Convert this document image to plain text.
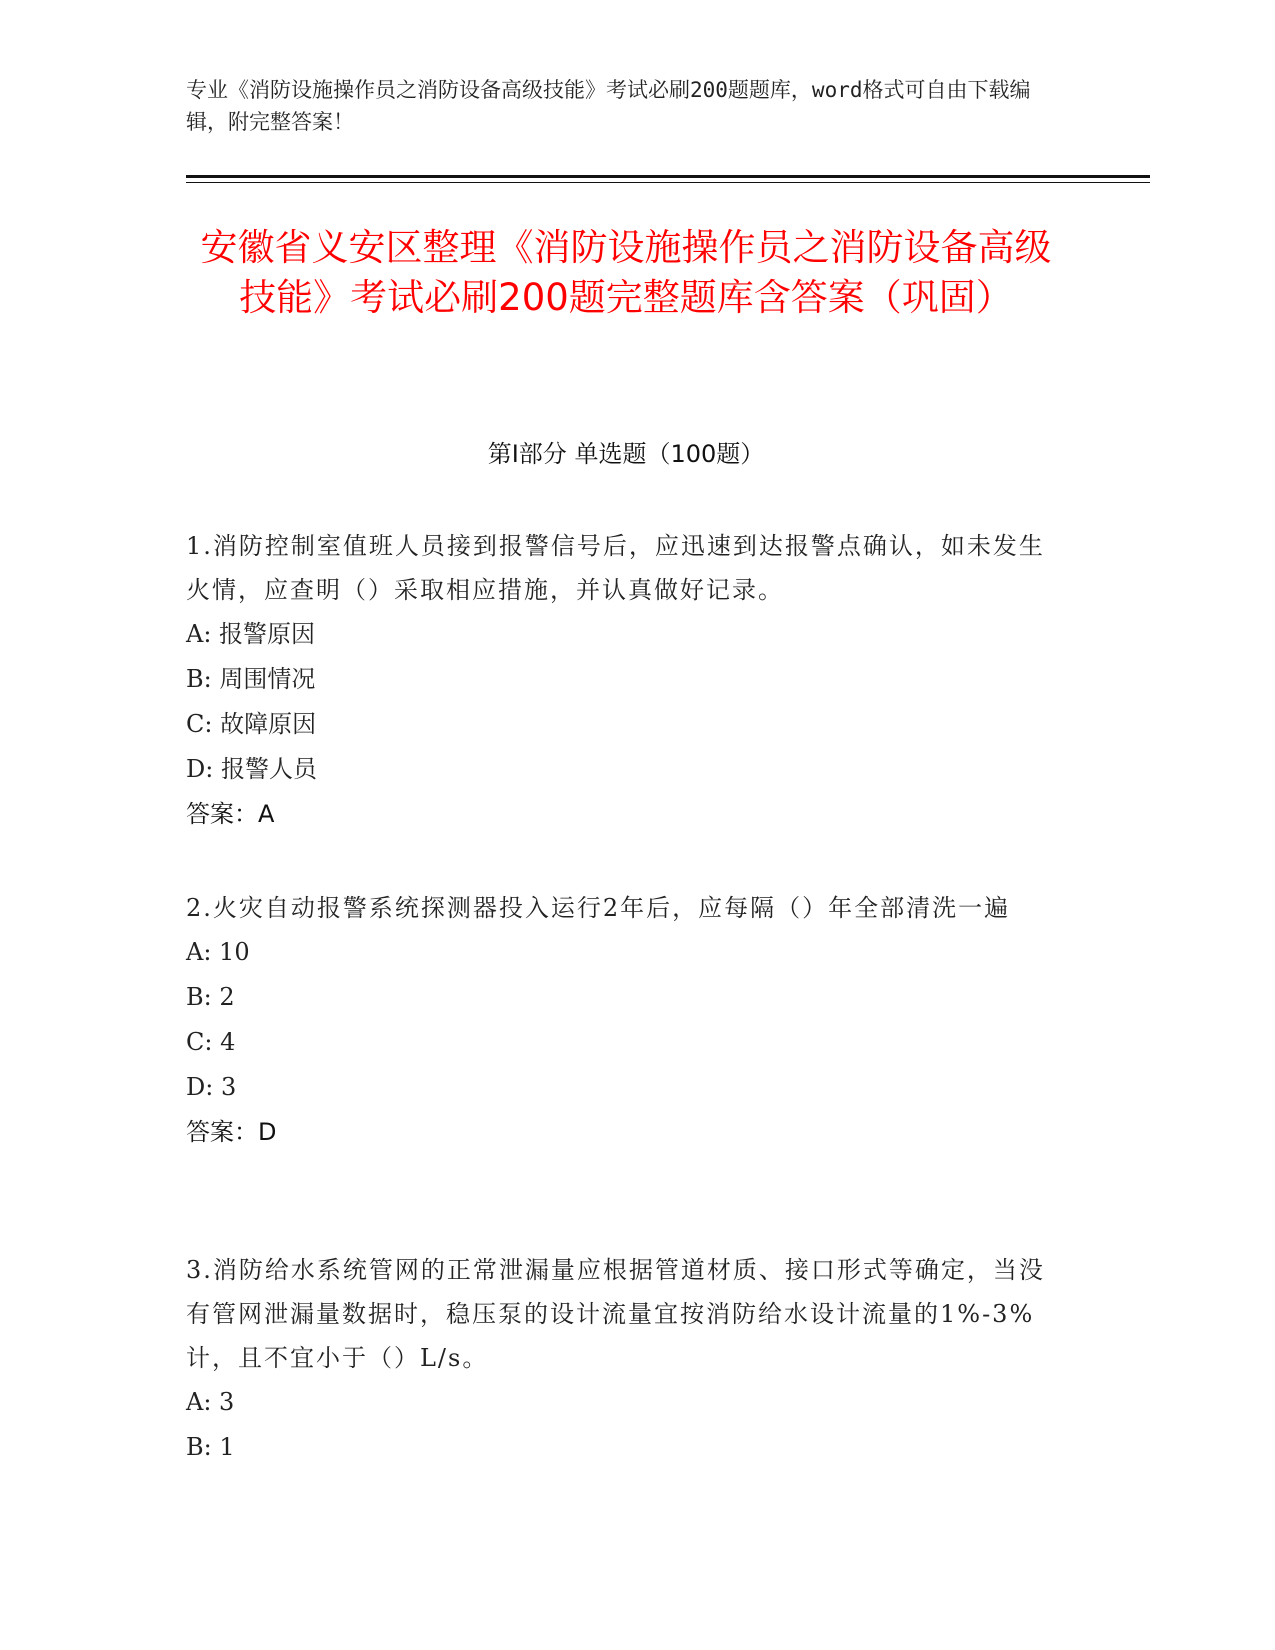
专业《消防设施操作员之消防设备高级技能》考试必刷200题题库，word格式可自由下载编辑，附完整答案！
安徽省义安区整理《消防设施操作员之消防设备高级技能》考试必刷200题完整题库含答案（巩固）
第Ⅰ部分 单选题（100题）
1.消防控制室值班人员接到报警信号后，应迅速到达报警点确认，如未发生火情，应查明（）采取相应措施，并认真做好记录。
A: 报警原因
B: 周围情况
C: 故障原因
D: 报警人员
答案：A
2.火灾自动报警系统探测器投入运行2年后，应每隔（）年全部清洗一遍
A: 10
B: 2
C: 4
D: 3
答案：D
3.消防给水系统管网的正常泄漏量应根据管道材质、接口形式等确定，当没有管网泄漏量数据时，稳压泵的设计流量宜按消防给水设计流量的1%-3%计，且不宜小于（）L/s。
A: 3
B: 1
